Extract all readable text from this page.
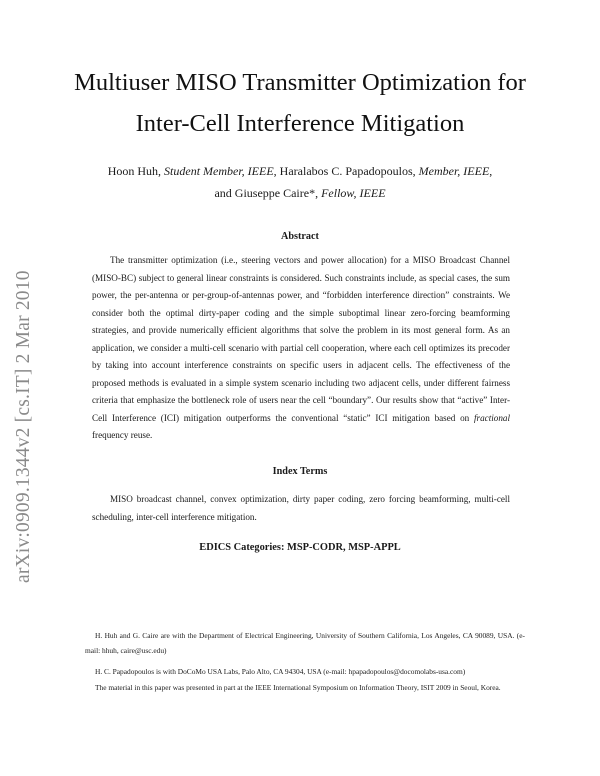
arXiv:0909.1344v2 [cs.IT] 2 Mar 2010
Multiuser MISO Transmitter Optimization for
Inter-Cell Interference Mitigation
Hoon Huh, Student Member, IEEE, Haralabos C. Papadopoulos, Member, IEEE,
and Giuseppe Caire*, Fellow, IEEE
Abstract
The transmitter optimization (i.e., steering vectors and power allocation) for a MISO Broadcast Channel (MISO-BC) subject to general linear constraints is considered. Such constraints include, as special cases, the sum power, the per-antenna or per-group-of-antennas power, and “forbidden interference direction” constraints. We consider both the optimal dirty-paper coding and the simple suboptimal linear zero-forcing beamforming strategies, and provide numerically efficient algorithms that solve the problem in its most general form. As an application, we consider a multi-cell scenario with partial cell cooperation, where each cell optimizes its precoder by taking into account interference constraints on specific users in adjacent cells. The effectiveness of the proposed methods is evaluated in a simple system scenario including two adjacent cells, under different fairness criteria that emphasize the bottleneck role of users near the cell “boundary”. Our results show that “active” Inter-Cell Interference (ICI) mitigation outperforms the conventional “static” ICI mitigation based on fractional frequency reuse.
Index Terms
MISO broadcast channel, convex optimization, dirty paper coding, zero forcing beamforming, multi-cell scheduling, inter-cell interference mitigation.
EDICS Categories: MSP-CODR, MSP-APPL
H. Huh and G. Caire are with the Department of Electrical Engineering, University of Southern California, Los Angeles, CA 90089, USA. (e-mail: hhuh, caire@usc.edu)
H. C. Papadopoulos is with DoCoMo USA Labs, Palo Alto, CA 94304, USA (e-mail: hpapadopoulos@docomolabs-usa.com)
The material in this paper was presented in part at the IEEE International Symposium on Information Theory, ISIT 2009 in Seoul, Korea.
